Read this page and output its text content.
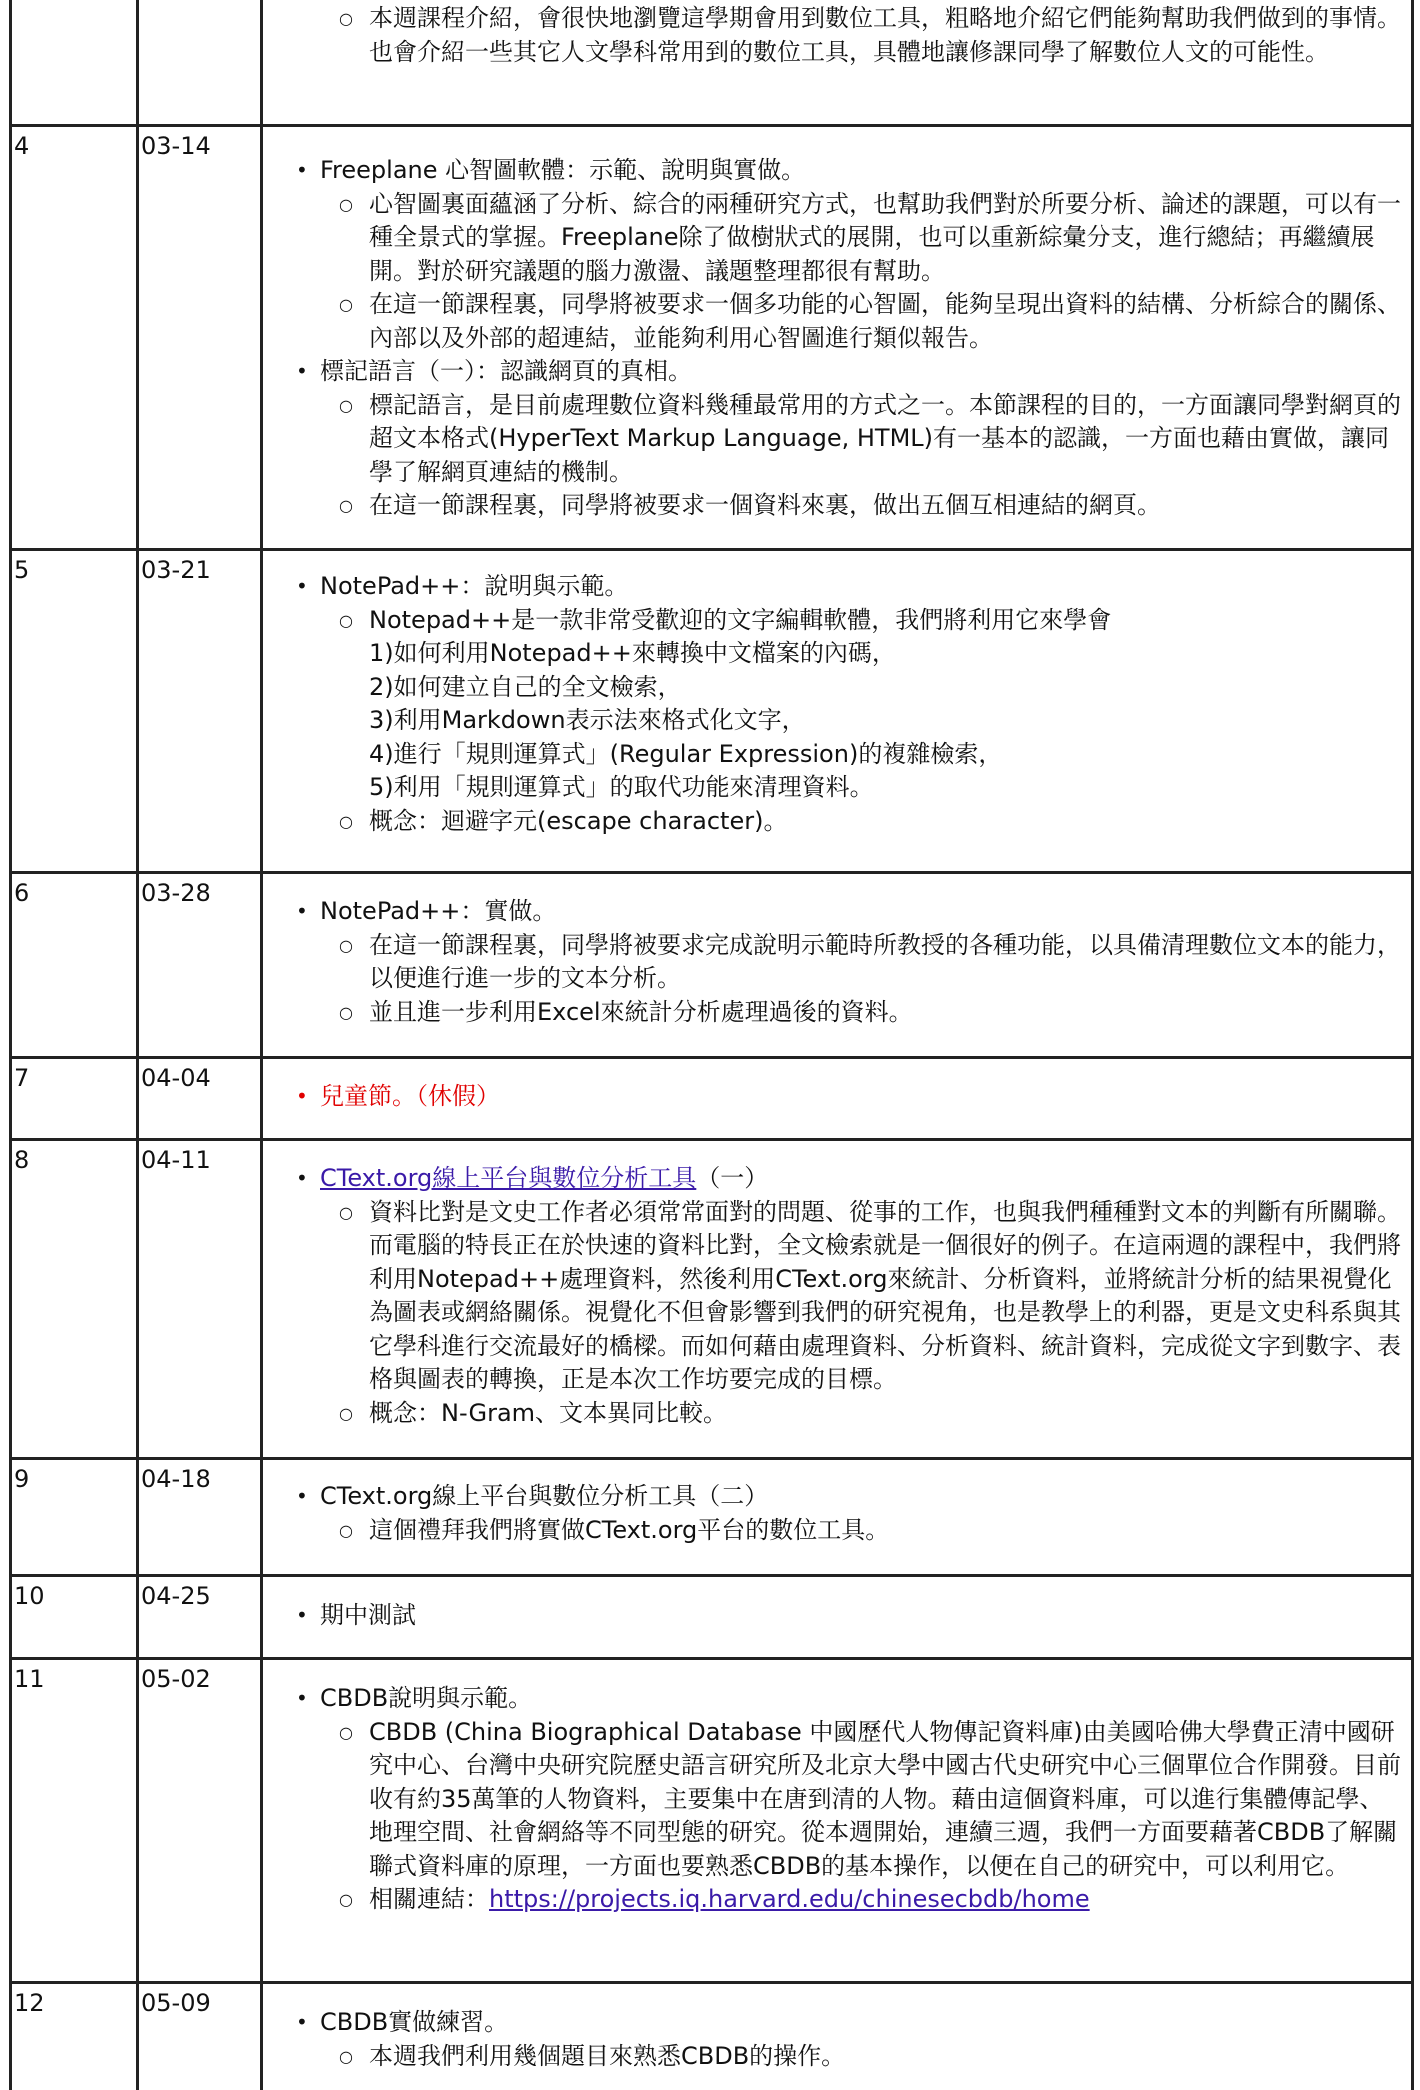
○ 本週課程介紹，會很快地瀏覽這學期會用到數位工具，粗略地介紹它們能夠幫助我們做到的事情。也會介紹一些其它人文學科常用到的數位工具，具體地讓修課同學了解數位人文的可能性。
4	03-14
• Freeplane 心智圖軟體：示範、說明與實做。
○ 心智圖裏面蘊涵了分析、綜合的兩種研究方式，也幫助我們對於所要分析、論述的課題，可以有一種全景式的掌握。Freeplane除了做樹狀式的展開，也可以重新綜彙分支，進行總結；再繼續展開。對於研究議題的腦力激盪、議題整理都很有幫助。
○ 在這一節課程裏，同學將被要求一個多功能的心智圖，能夠呈現出資料的結構、分析綜合的關係、內部以及外部的超連結，並能夠利用心智圖進行類似報告。
• 標記語言（一）：認識網頁的真相。
○ 標記語言，是目前處理數位資料幾種最常用的方式之一。本節課程的目的，一方面讓同學對網頁的超文本格式(HyperText Markup Language, HTML)有一基本的認識，一方面也藉由實做，讓同學了解網頁連結的機制。
○ 在這一節課程裏，同學將被要求一個資料來裏，做出五個互相連結的網頁。
5	03-21
• NotePad++：說明與示範。
○ Notepad++是一款非常受歡迎的文字編輯軟體，我們將利用它來學會
1)如何利用Notepad++來轉換中文檔案的內碼，
2)如何建立自己的全文檢索，
3)利用Markdown表示法來格式化文字，
4)進行「規則運算式」(Regular Expression)的複雜檢索，
5)利用「規則運算式」的取代功能來清理資料。
○ 概念：迴避字元(escape character)。
6	03-28
• NotePad++：實做。
○ 在這一節課程裏，同學將被要求完成說明示範時所教授的各種功能，以具備清理數位文本的能力，以便進行進一步的文本分析。
○ 並且進一步利用Excel來統計分析處理過後的資料。
7	04-04
• 兒童節。（休假）
8	04-11
• CText.org線上平台與數位分析工具（一）
○ 資料比對是文史工作者必須常常面對的問題、從事的工作，也與我們種種對文本的判斷有所關聯。而電腦的特長正在於快速的資料比對，全文檢索就是一個很好的例子。在這兩週的課程中，我們將利用Notepad++處理資料，然後利用CText.org來統計、分析資料，並將統計分析的結果視覺化為圖表或網絡關係。視覺化不但會影響到我們的研究視角，也是教學上的利器，更是文史科系與其它學科進行交流最好的橋樑。而如何藉由處理資料、分析資料、統計資料，完成從文字到數字、表格與圖表的轉換，正是本次工作坊要完成的目標。
○ 概念：N-Gram、文本異同比較。
9	04-18
• CText.org線上平台與數位分析工具（二）
○ 這個禮拜我們將實做CText.org平台的數位工具。
10	04-25
• 期中測試
11	05-02
• CBDB說明與示範。
○ CBDB (China Biographical Database 中國歷代人物傳記資料庫)由美國哈佛大學費正清中國研究中心、台灣中央研究院歷史語言研究所及北京大學中國古代史研究中心三個單位合作開發。目前收有約35萬筆的人物資料，主要集中在唐到清的人物。藉由這個資料庫，可以進行集體傳記學、地理空間、社會網絡等不同型態的研究。從本週開始，連續三週，我們一方面要藉著CBDB了解關聯式資料庫的原理，一方面也要熟悉CBDB的基本操作，以便在自己的研究中，可以利用它。
○ 相關連結：https://projects.iq.harvard.edu/chinesecbdb/home
12	05-09
• CBDB實做練習。
○ 本週我們利用幾個題目來熟悉CBDB的操作。
